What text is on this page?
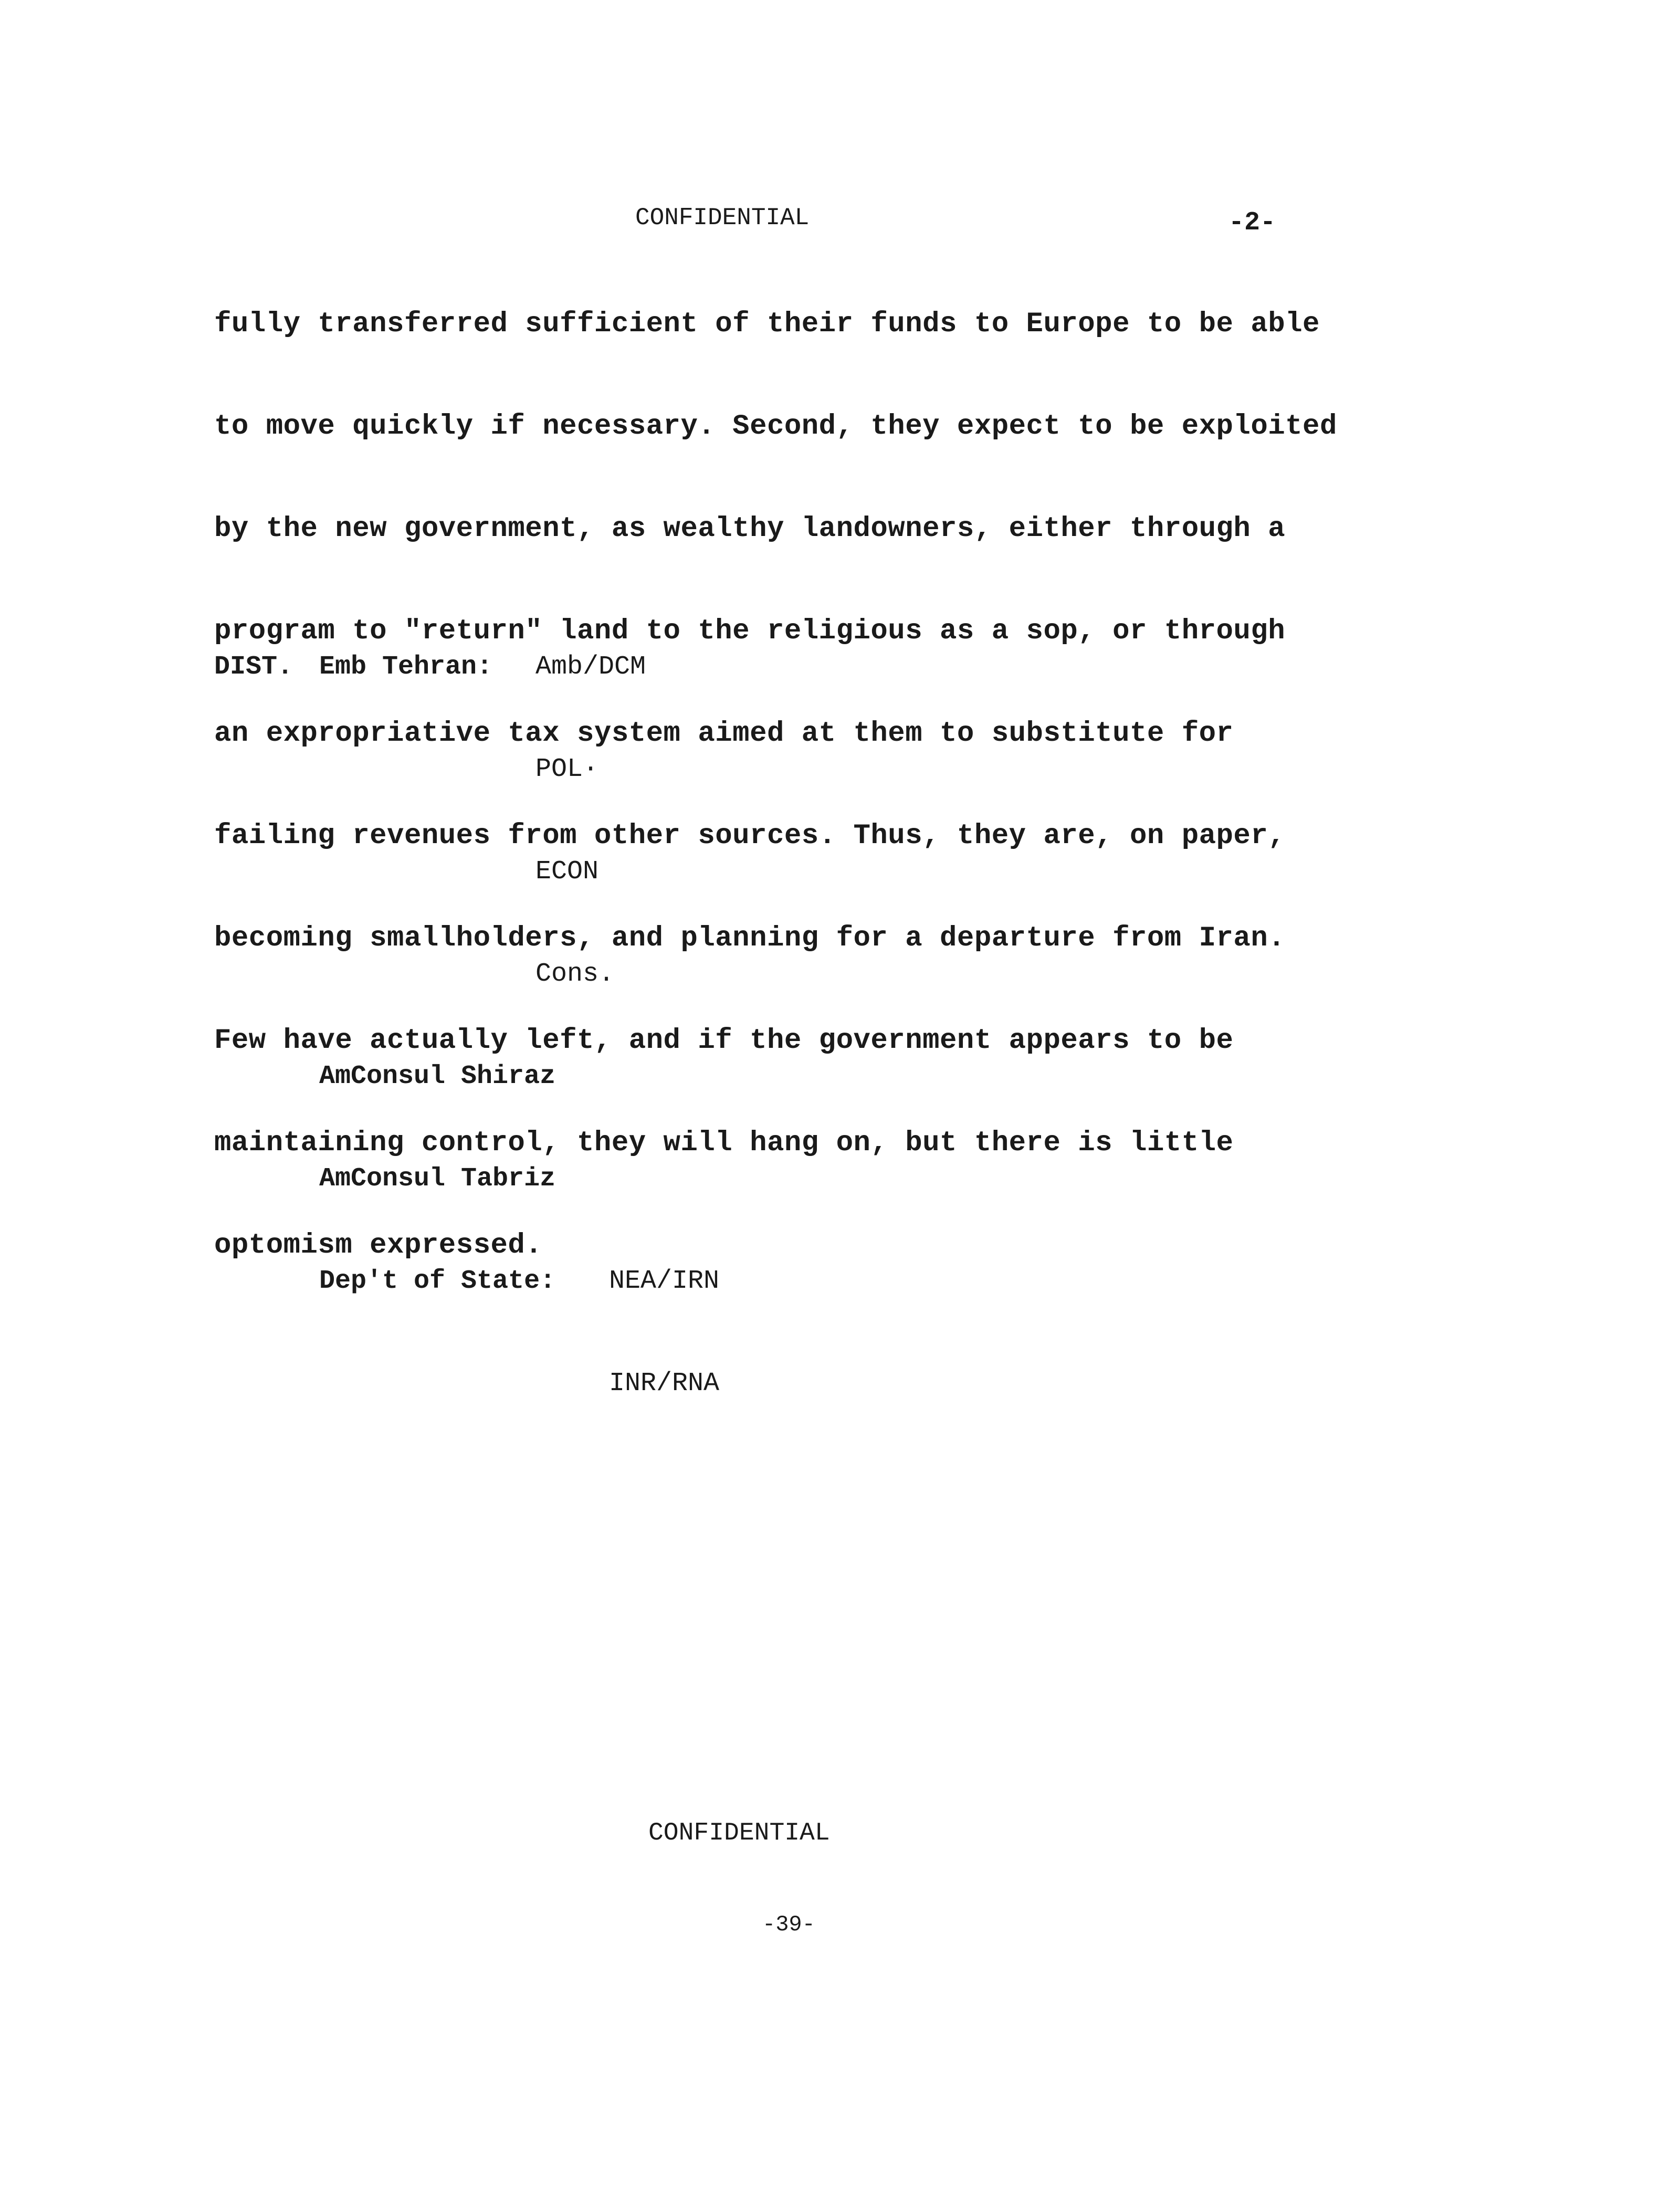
CONFIDENTIAL	-2-

fully transferred sufficient of their funds to Europe to be able

to move quickly if necessary. Second, they expect to be exploited

by the new government, as wealthy landowners, either through a

program to "return" land to the religious as a sop, or through

an expropriative tax system aimed at them to substitute for

failing revenues from other sources. Thus, they are, on paper,

becoming smallholders, and planning for a departure from Iran.

Few have actually left, and if the government appears to be

maintaining control, they will hang on, but there is little

optomism expressed.

DIST.

Emb Tehran:

Amb/DCM

POL·

ECON

Cons.

AmConsul Shiraz

AmConsul Tabriz

Dep't of State:

NEA/IRN

INR/RNA

CONFIDENTIAL
-39-
